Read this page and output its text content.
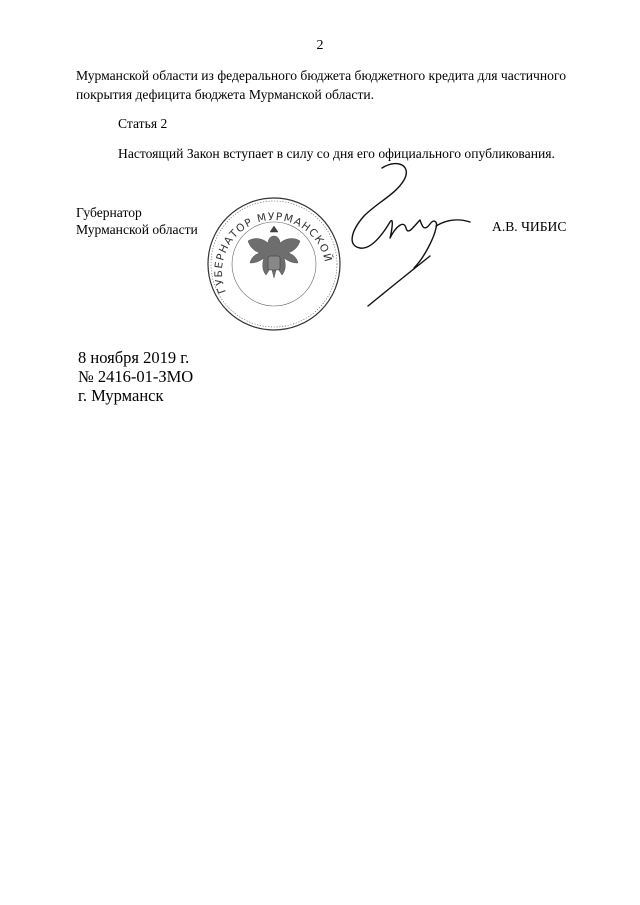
2

Мурманской области из федерального бюджета бюджетного кредита для частичного покрытия дефицита бюджета Мурманской области.

Статья 2
Настоящий Закон вступает в силу со дня его официального опубликования.
Губернатор
Мурманской области
ГУБЕРНАТОР МУРМАНСКОЙ
А.В. ЧИБИС
8 ноября 2019 г.
№ 2416-01-ЗМО
г. Мурманск
